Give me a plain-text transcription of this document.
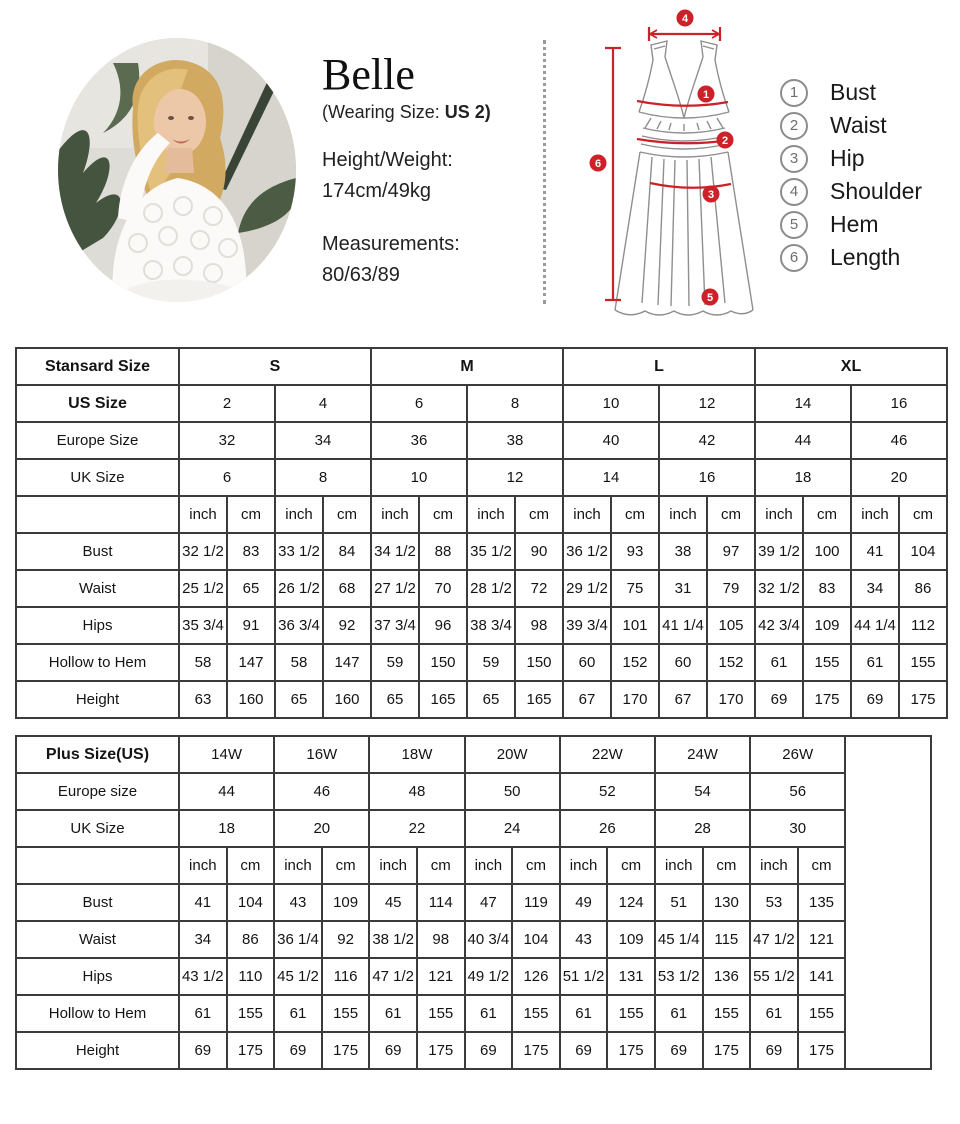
Belle
(Wearing Size: US 2)
Height/Weight:
174cm/49kg
Measurements:
80/63/89
4
1
2
3
5
6
1	Bust
2	Waist
3	Hip
4	Shoulder
5	Hem
6	Length
Stansard Size	S				M				L				XL			
US Size	2		4		6		8		10		12		14		16	
Europe Size	32		34		36		38		40		42		44		46	
UK Size	6		8		10		12		14		16		18		20	
	inch	cm	inch	cm	inch	cm	inch	cm	inch	cm	inch	cm	inch	cm	inch	cm
Bust	32 1/2	83	33 1/2	84	34 1/2	88	35 1/2	90	36 1/2	93	38	97	39 1/2	100	41	104
Waist	25 1/2	65	26 1/2	68	27 1/2	70	28 1/2	72	29 1/2	75	31	79	32 1/2	83	34	86
Hips	35 3/4	91	36 3/4	92	37 3/4	96	38 3/4	98	39 3/4	101	41 1/4	105	42 3/4	109	44 1/4	112
Hollow to Hem	58	147	58	147	59	150	59	150	60	152	60	152	61	155	61	155
Height	63	160	65	160	65	165	65	165	67	170	67	170	69	175	69	175
Plus Size(US)	14W		16W		18W		20W		22W		24W		26W		
Europe size	44		46		48		50		52		54		56		
UK Size	18		20		22		24		26		28		30		
	inch	cm	inch	cm	inch	cm	inch	cm	inch	cm	inch	cm	inch	cm	
Bust	41	104	43	109	45	114	47	119	49	124	51	130	53	135	
Waist	34	86	36 1/4	92	38 1/2	98	40 3/4	104	43	109	45 1/4	115	47 1/2	121	
Hips	43 1/2	110	45 1/2	116	47 1/2	121	49 1/2	126	51 1/2	131	53 1/2	136	55 1/2	141	
Hollow to Hem	61	155	61	155	61	155	61	155	61	155	61	155	61	155	
Height	69	175	69	175	69	175	69	175	69	175	69	175	69	175	
